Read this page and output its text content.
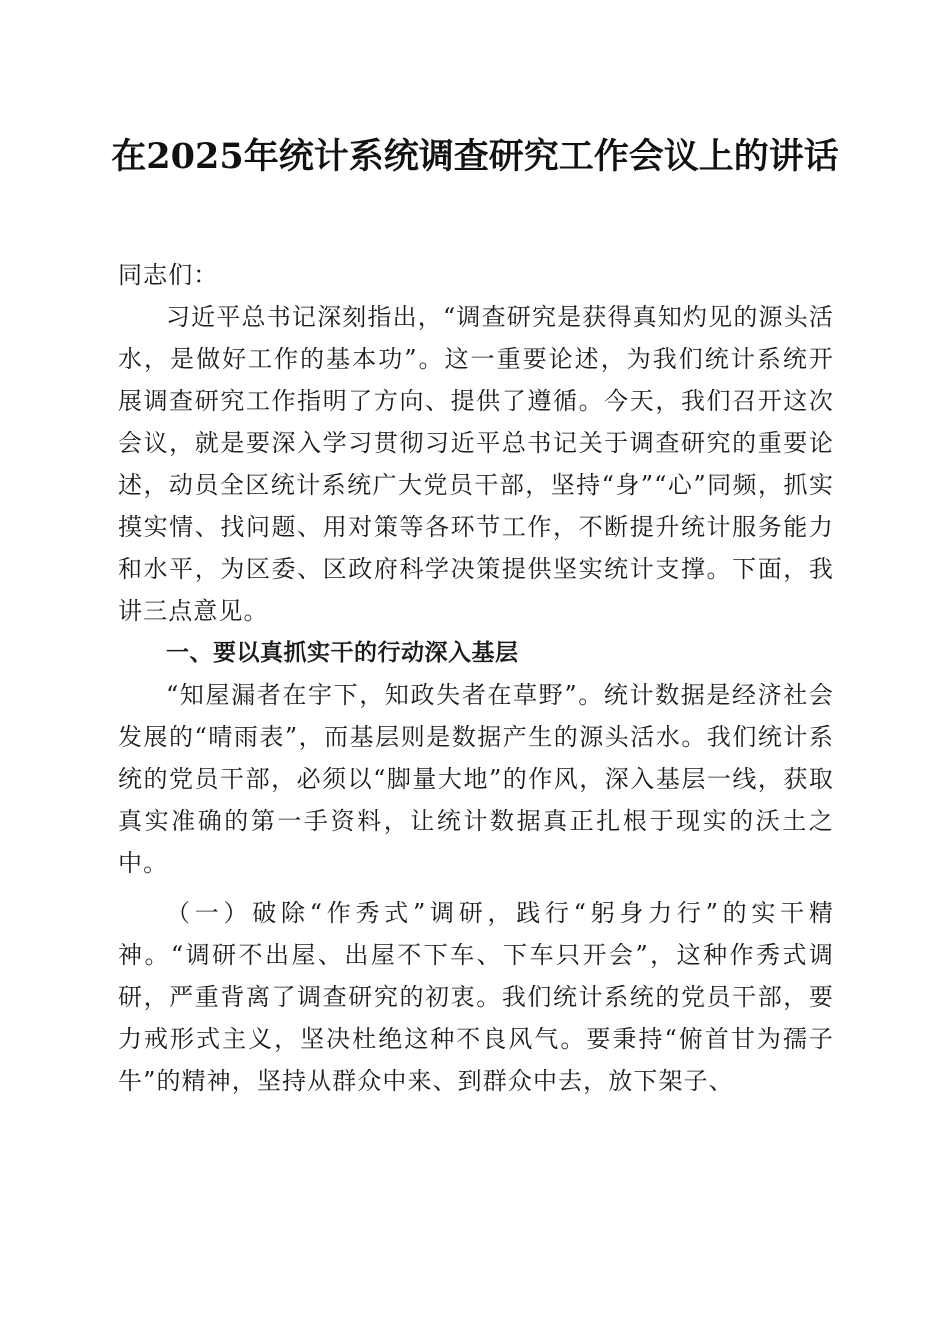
在2025年统计系统调查研究工作会议上的讲话

同志们：

习近平总书记深刻指出，“调查研究是获得真知灼见的源头活水，是做好工作的基本功”。这一重要论述，为我们统计系统开展调查研究工作指明了方向、提供了遵循。今天，我们召开这次会议，就是要深入学习贯彻习近平总书记关于调查研究的重要论述，动员全区统计系统广大党员干部，坚持“身”“心”同频，抓实摸实情、找问题、用对策等各环节工作，不断提升统计服务能力和水平，为区委、区政府科学决策提供坚实统计支撑。下面，我讲三点意见。

一、要以真抓实干的行动深入基层

“知屋漏者在宇下，知政失者在草野”。统计数据是经济社会发展的“晴雨表”，而基层则是数据产生的源头活水。我们统计系统的党员干部，必须以“脚量大地”的作风，深入基层一线，获取真实准确的第一手资料，让统计数据真正扎根于现实的沃土之中。

（一）破除“作秀式”调研，践行“躬身力行”的实干精神。“调研不出屋、出屋不下车、下车只开会”，这种作秀式调研，严重背离了调查研究的初衷。我们统计系统的党员干部，要力戒形式主义，坚决杜绝这种不良风气。要秉持“俯首甘为孺子牛”的精神，坚持从群众中来、到群众中去，放下架子、
